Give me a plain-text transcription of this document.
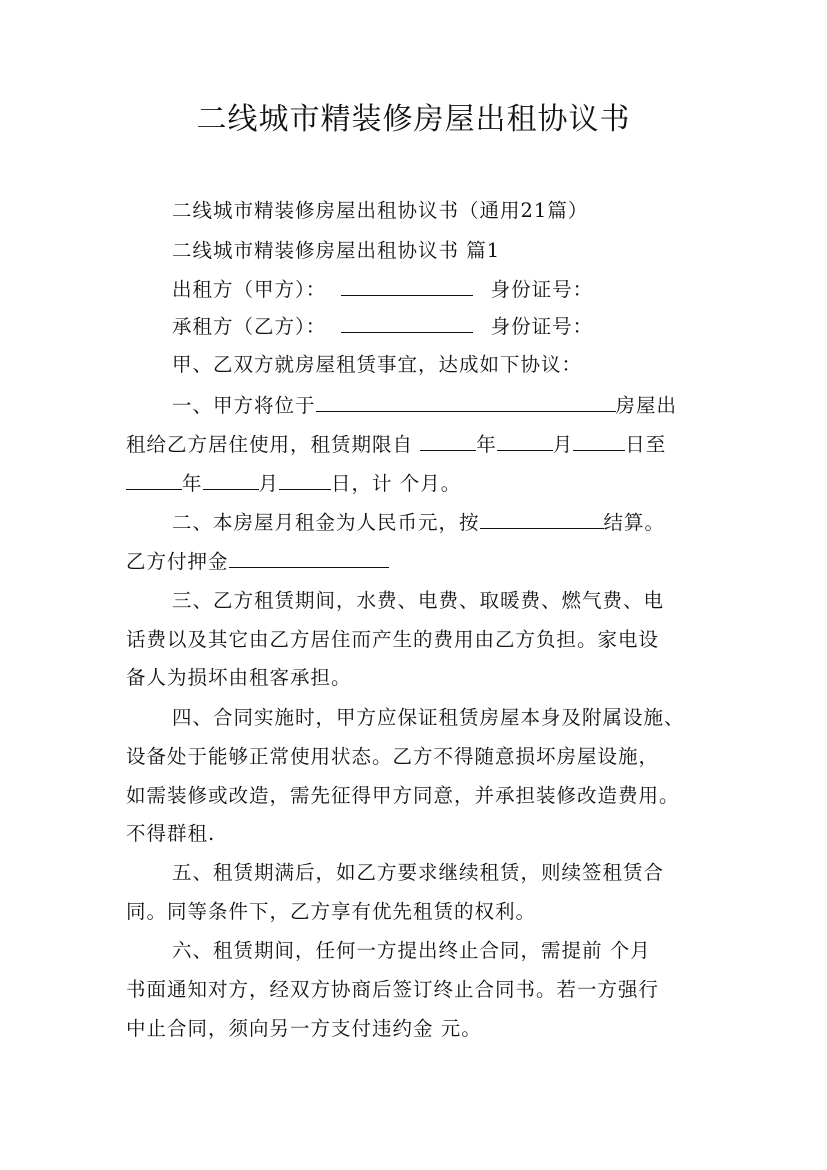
二线城市精装修房屋出租协议书
二线城市精装修房屋出租协议书（通用21篇）
二线城市精装修房屋出租协议书 篇1
出租方（甲方）：	身份证号：
承租方（乙方）：	身份证号：
甲、乙双方就房屋租赁事宜，达成如下协议：
一、甲方将位于	房屋出
租给乙方居住使用，租赁期限自	年	月	日至
年	月	日，计 个月。
二、本房屋月租金为人民币元，按	结算。
乙方付押金
三、乙方租赁期间，水费、电费、取暖费、燃气费、电
话费以及其它由乙方居住而产生的费用由乙方负担。家电设
备人为损坏由租客承担。
四、合同实施时，甲方应保证租赁房屋本身及附属设施、
设备处于能够正常使用状态。乙方不得随意损坏房屋设施，
如需装修或改造，需先征得甲方同意，并承担装修改造费用。
不得群租.
五、租赁期满后，如乙方要求继续租赁，则续签租赁合
同。同等条件下，乙方享有优先租赁的权利。
六、租赁期间，任何一方提出终止合同，需提前 个月
书面通知对方，经双方协商后签订终止合同书。若一方强行
中止合同，须向另一方支付违约金 元。
